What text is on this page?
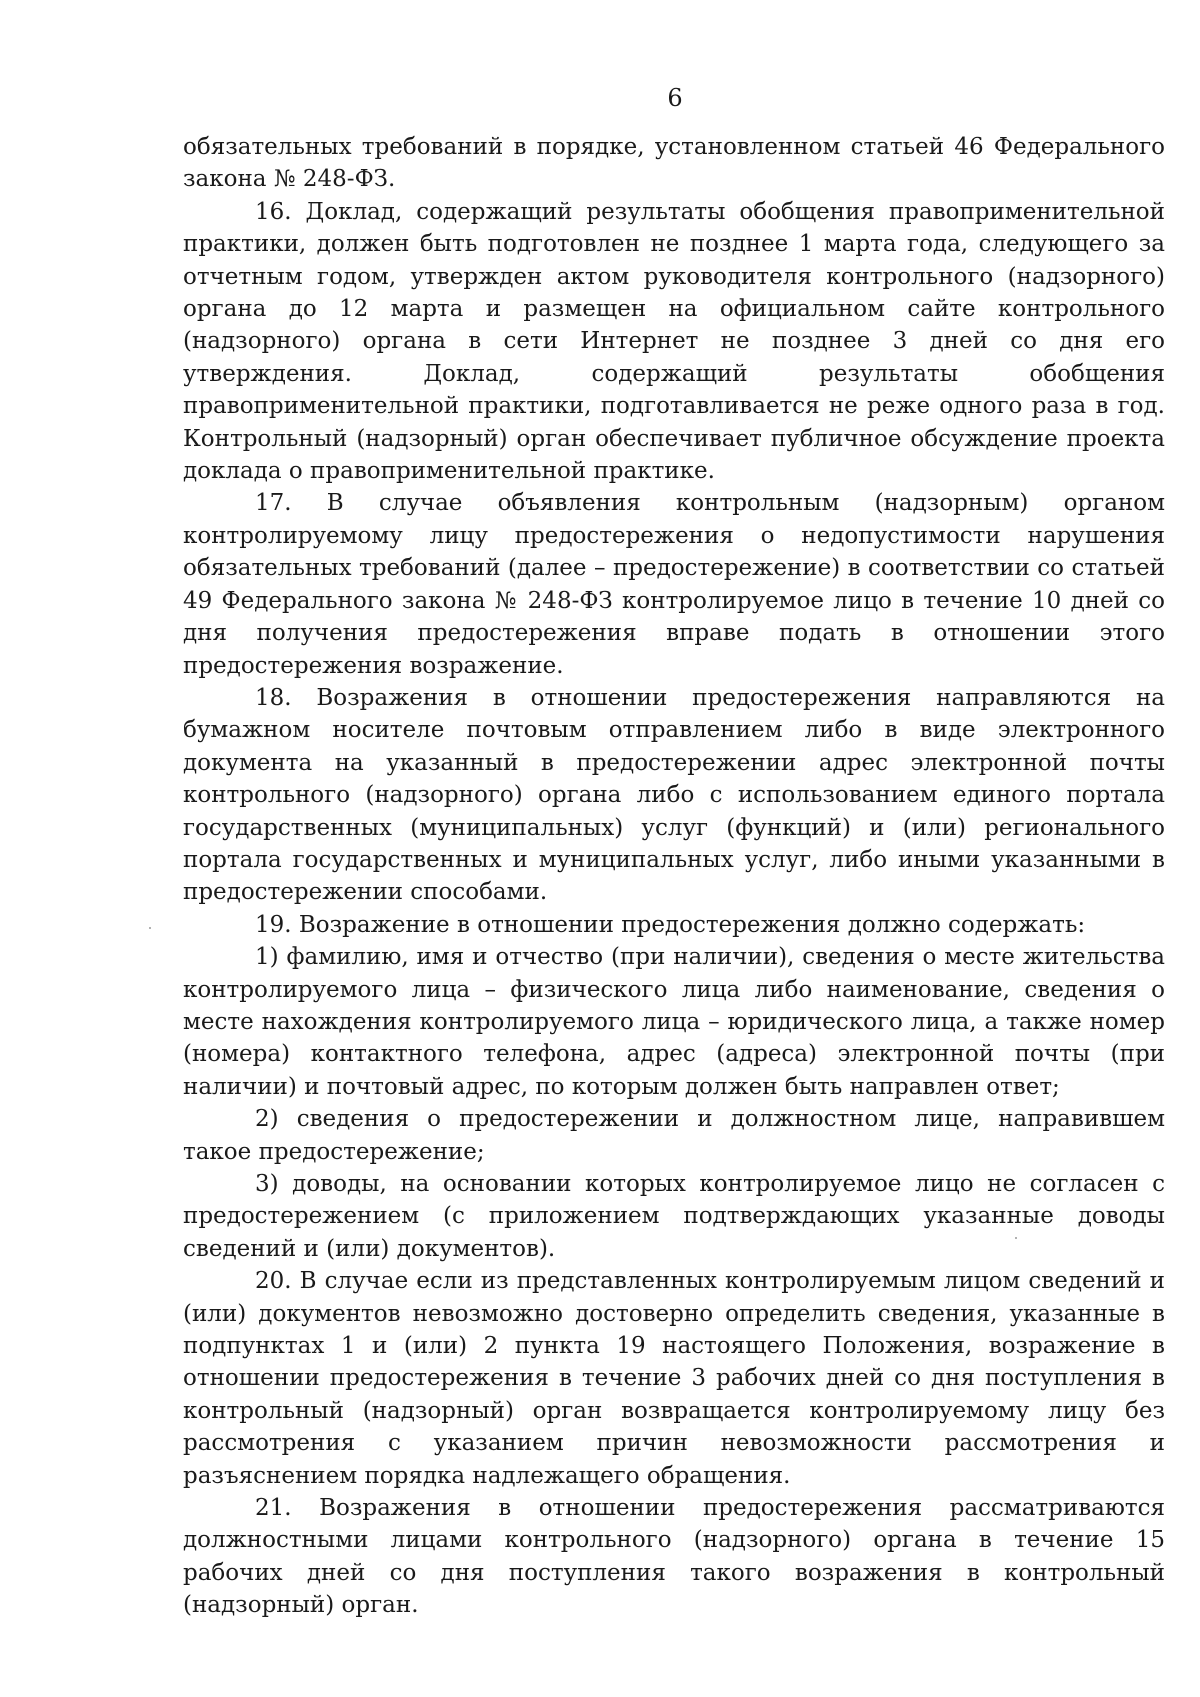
6

обязательных требований в порядке, установленном статьей 46 Федерального закона № 248-ФЗ.

16. Доклад, содержащий результаты обобщения правоприменительной практики, должен быть подготовлен не позднее 1 марта года, следующего за отчетным годом, утвержден актом руководителя контрольного (надзорного) органа до 12 марта и размещен на официальном сайте контрольного (надзорного) органа в сети Интернет не позднее 3 дней со дня его утверждения. Доклад, содержащий результаты обобщения правоприменительной практики, подготавливается не реже одного раза в год. Контрольный (надзорный) орган обеспечивает публичное обсуждение проекта доклада о правоприменительной практике.

17. В случае объявления контрольным (надзорным) органом контролируемому лицу предостережения о недопустимости нарушения обязательных требований (далее – предостережение) в соответствии со статьей 49 Федерального закона № 248-ФЗ контролируемое лицо в течение 10 дней со дня получения предостережения вправе подать в отношении этого предостережения возражение.

18. Возражения в отношении предостережения направляются на бумажном носителе почтовым отправлением либо в виде электронного документа на указанный в предостережении адрес электронной почты контрольного (надзорного) органа либо с использованием единого портала государственных (муниципальных) услуг (функций) и (или) регионального портала государственных и муниципальных услуг, либо иными указанными в предостережении способами.

19. Возражение в отношении предостережения должно содержать:

1) фамилию, имя и отчество (при наличии), сведения о месте жительства контролируемого лица – физического лица либо наименование, сведения о месте нахождения контролируемого лица – юридического лица, а также номер (номера) контактного телефона, адрес (адреса) электронной почты (при наличии) и почтовый адрес, по которым должен быть направлен ответ;

2) сведения о предостережении и должностном лице, направившем такое предостережение;

3) доводы, на основании которых контролируемое лицо не согласен с предостережением (с приложением подтверждающих указанные доводы сведений и (или) документов).

20. В случае если из представленных контролируемым лицом сведений и (или) документов невозможно достоверно определить сведения, указанные в подпунктах 1 и (или) 2 пункта 19 настоящего Положения, возражение в отношении предостережения в течение 3 рабочих дней со дня поступления в контрольный (надзорный) орган возвращается контролируемому лицу без рассмотрения с указанием причин невозможности рассмотрения и разъяснением порядка надлежащего обращения.

21. Возражения в отношении предостережения рассматриваются должностными лицами контрольного (надзорного) органа в течение 15 рабочих дней со дня поступления такого возражения в контрольный (надзорный) орган.
